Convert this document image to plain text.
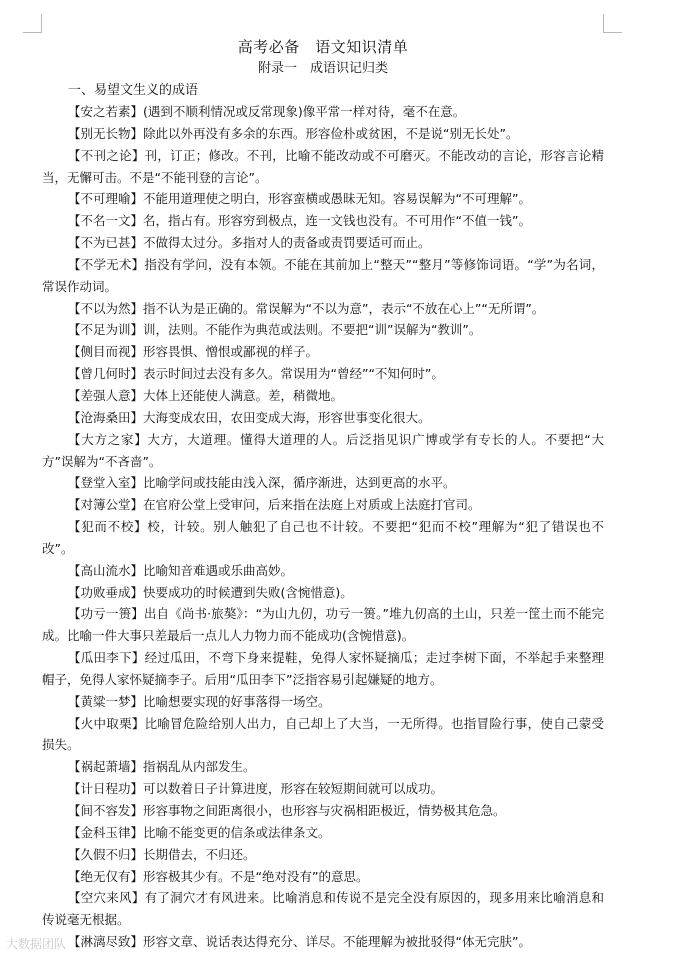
高考必备　语文知识清单
附录一　成语识记归类
一、易望文生义的成语
【安之若素】(遇到不顺利情况或反常现象)像平常一样对待，毫不在意。
【别无长物】除此以外再没有多余的东西。形容俭朴或贫困，不是说“别无长处”。
【不刊之论】刊，订正；修改。不刊，比喻不能改动或不可磨灭。不能改动的言论，形容言论精当，无懈可击。不是“不能刊登的言论”。
【不可理喻】不能用道理使之明白，形容蛮横或愚昧无知。容易误解为“不可理解”。
【不名一文】名，指占有。形容穷到极点，连一文钱也没有。不可用作“不值一钱”。
【不为已甚】不做得太过分。多指对人的责备或责罚要适可而止。
【不学无术】指没有学问，没有本领。不能在其前加上“整天”“整月”等修饰词语。“学”为名词，常误作动词。
【不以为然】指不认为是正确的。常误解为“不以为意”，表示“不放在心上”“无所谓”。
【不足为训】训，法则。不能作为典范或法则。不要把“训”误解为“教训”。
【侧目而视】形容畏惧、憎恨或鄙视的样子。
【曾几何时】表示时间过去没有多久。常误用为“曾经”“不知何时”。
【差强人意】大体上还能使人满意。差，稍微地。
【沧海桑田】大海变成农田，农田变成大海，形容世事变化很大。
【大方之家】大方，大道理。懂得大道理的人。后泛指见识广博或学有专长的人。不要把“大方”误解为“不吝啬”。
【登堂入室】比喻学问或技能由浅入深，循序渐进，达到更高的水平。
【对簿公堂】在官府公堂上受审问，后来指在法庭上对质或上法庭打官司。
【犯而不校】校，计较。别人触犯了自己也不计较。不要把“犯而不校”理解为“犯了错误也不改”。
【高山流水】比喻知音难遇或乐曲高妙。
【功败垂成】快要成功的时候遭到失败(含惋惜意)。
【功亏一篑】出自《尚书·旅獒》：“为山九仞，功亏一篑。”堆九仞高的土山，只差一筐土而不能完成。比喻一件大事只差最后一点儿人力物力而不能成功(含惋惜意)。
【瓜田李下】经过瓜田，不弯下身来提鞋，免得人家怀疑摘瓜；走过李树下面，不举起手来整理帽子，免得人家怀疑摘李子。后用“瓜田李下”泛指容易引起嫌疑的地方。
【黄粱一梦】比喻想要实现的好事落得一场空。
【火中取栗】比喻冒危险给别人出力，自己却上了大当，一无所得。也指冒险行事，使自己蒙受损失。
【祸起萧墙】指祸乱从内部发生。
【计日程功】可以数着日子计算进度，形容在较短期间就可以成功。
【间不容发】形容事物之间距离很小，也形容与灾祸相距极近，情势极其危急。
【金科玉律】比喻不能变更的信条或法律条文。
【久假不归】长期借去，不归还。
【绝无仅有】形容极其少有。不是“绝对没有”的意思。
【空穴来风】有了洞穴才有风进来。比喻消息和传说不是完全没有原因的，现多用来比喻消息和传说毫无根据。
【淋漓尽致】形容文章、说话表达得充分、详尽。不能理解为被批驳得“体无完肤”。
大数据团队
